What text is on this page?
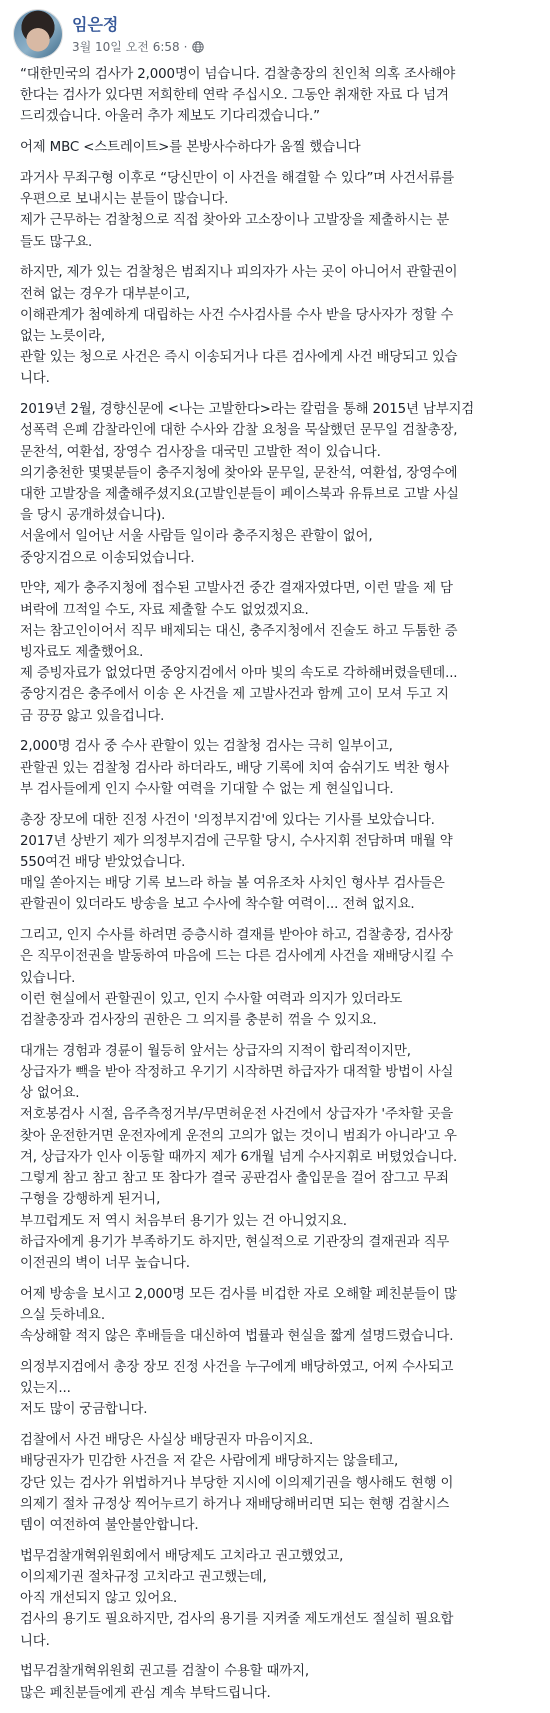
임은정
3월 10일 오전 6:58 ·

“대한민국의 검사가 2,000명이 넘습니다. 검찰총장의 친인척 의혹 조사해야
한다는 검사가 있다면 저희한테 연락 주십시오. 그동안 취재한 자료 다 넘겨
드리겠습니다. 아울러 추가 제보도 기다리겠습니다.”

어제 MBC <스트레이트>를 본방사수하다가 움찔 했습니다

과거사 무죄구형 이후로 “당신만이 이 사건을 해결할 수 있다”며 사건서류를
우편으로 보내시는 분들이 많습니다.
제가 근무하는 검찰청으로 직접 찾아와 고소장이나 고발장을 제출하시는 분
들도 많구요.

하지만, 제가 있는 검찰청은 범죄지나 피의자가 사는 곳이 아니어서 관할권이
전혀 없는 경우가 대부분이고,
이해관계가 첨예하게 대립하는 사건 수사검사를 수사 받을 당사자가 정할 수
없는 노릇이라,
관할 있는 청으로 사건은 즉시 이송되거나 다른 검사에게 사건 배당되고 있습
니다.

2019년 2월, 경향신문에 <나는 고발한다>라는 칼럼을 통해 2015년 남부지검
성폭력 은폐 감찰라인에 대한 수사와 감찰 요청을 묵살했던 문무일 검찰총장,
문찬석, 여환섭, 장영수 검사장을 대국민 고발한 적이 있습니다.
의기충천한 몇몇분들이 충주지청에 찾아와 문무일, 문찬석, 여환섭, 장영수에
대한 고발장을 제출해주셨지요(고발인분들이 페이스북과 유튜브로 고발 사실
을 당시 공개하셨습니다).
서울에서 일어난 서울 사람들 일이라 충주지청은 관할이 없어,
중앙지검으로 이송되었습니다.

만약, 제가 충주지청에 접수된 고발사건 중간 결재자였다면, 이런 말을 제 담
벼락에 끄적일 수도, 자료 제출할 수도 없었겠지요.
저는 참고인이어서 직무 배제되는 대신, 충주지청에서 진술도 하고 두툼한 증
빙자료도 제출했어요.
제 증빙자료가 없었다면 중앙지검에서 아마 빛의 속도로 각하해버렸을텐데...
중앙지검은 충주에서 이송 온 사건을 제 고발사건과 함께 고이 모셔 두고 지
금 끙끙 앓고 있을겁니다.

2,000명 검사 중 수사 관할이 있는 검찰청 검사는 극히 일부이고,
관할권 있는 검찰청 검사라 하더라도, 배당 기록에 치여 숨쉬기도 벅찬 형사
부 검사들에게 인지 수사할 여력을 기대할 수 없는 게 현실입니다.

총장 장모에 대한 진정 사건이 '의정부지검'에 있다는 기사를 보았습니다.
2017년 상반기 제가 의정부지검에 근무할 당시, 수사지휘 전담하며 매월 약
550여건 배당 받았었습니다.
매일 쏟아지는 배당 기록 보느라 하늘 볼 여유조차 사치인 형사부 검사들은
관할권이 있더라도 방송을 보고 수사에 착수할 여력이... 전혀 없지요.

그리고, 인지 수사를 하려면 증층시하 결재를 받아야 하고, 검찰총장, 검사장
은 직무이전권을 발동하여 마음에 드는 다른 검사에게 사건을 재배당시킬 수
있습니다.
이런 현실에서 관할권이 있고, 인지 수사할 여력과 의지가 있더라도
검찰총장과 검사장의 권한은 그 의지를 충분히 꺾을 수 있지요.

대개는 경험과 경륜이 월등히 앞서는 상급자의 지적이 합리적이지만,
상급자가 빽을 받아 작정하고 우기기 시작하면 하급자가 대적할 방법이 사실
상 없어요.
저호봉검사 시절, 음주측정거부/무면허운전 사건에서 상급자가 '주차할 곳을
찾아 운전한거면 운전자에게 운전의 고의가 없는 것이니 범죄가 아니라'고 우
겨, 상급자가 인사 이동할 때까지 제가 6개월 넘게 수사지휘로 버텼었습니다.
그렇게 참고 참고 참고 또 참다가 결국 공판검사 출입문을 걸어 잠그고 무죄
구형을 강행하게 된거니,
부끄럽게도 저 역시 처음부터 용기가 있는 건 아니었지요.
하급자에게 용기가 부족하기도 하지만, 현실적으로 기관장의 결재권과 직무
이전권의 벽이 너무 높습니다.

어제 방송을 보시고 2,000명 모든 검사를 비겁한 자로 오해할 페친분들이 많
으실 듯하네요.
속상해할 적지 않은 후배들을 대신하여 법률과 현실을 짧게 설명드렸습니다.

의정부지검에서 총장 장모 진정 사건을 누구에게 배당하였고, 어찌 수사되고
있는지...
저도 많이 궁금합니다.

검찰에서 사건 배당은 사실상 배당권자 마음이지요.
배당권자가 민감한 사건을 저 같은 사람에게 배당하지는 않을테고,
강단 있는 검사가 위법하거나 부당한 지시에 이의제기권을 행사해도 현행 이
의제기 절차 규정상 찍어누르기 하거나 재배당해버리면 되는 현행 검찰시스
템이 여전하여 불안불안합니다.

법무검찰개혁위원회에서 배당제도 고치라고 권고했었고,
이의제기권 절차규정 고치라고 권고했는데,
아직 개선되지 않고 있어요.
검사의 용기도 필요하지만, 검사의 용기를 지켜줄 제도개선도 절실히 필요합
니다.

법무검찰개혁위원회 권고를 검찰이 수용할 때까지,
많은 페친분들에게 관심 계속 부탁드립니다.
